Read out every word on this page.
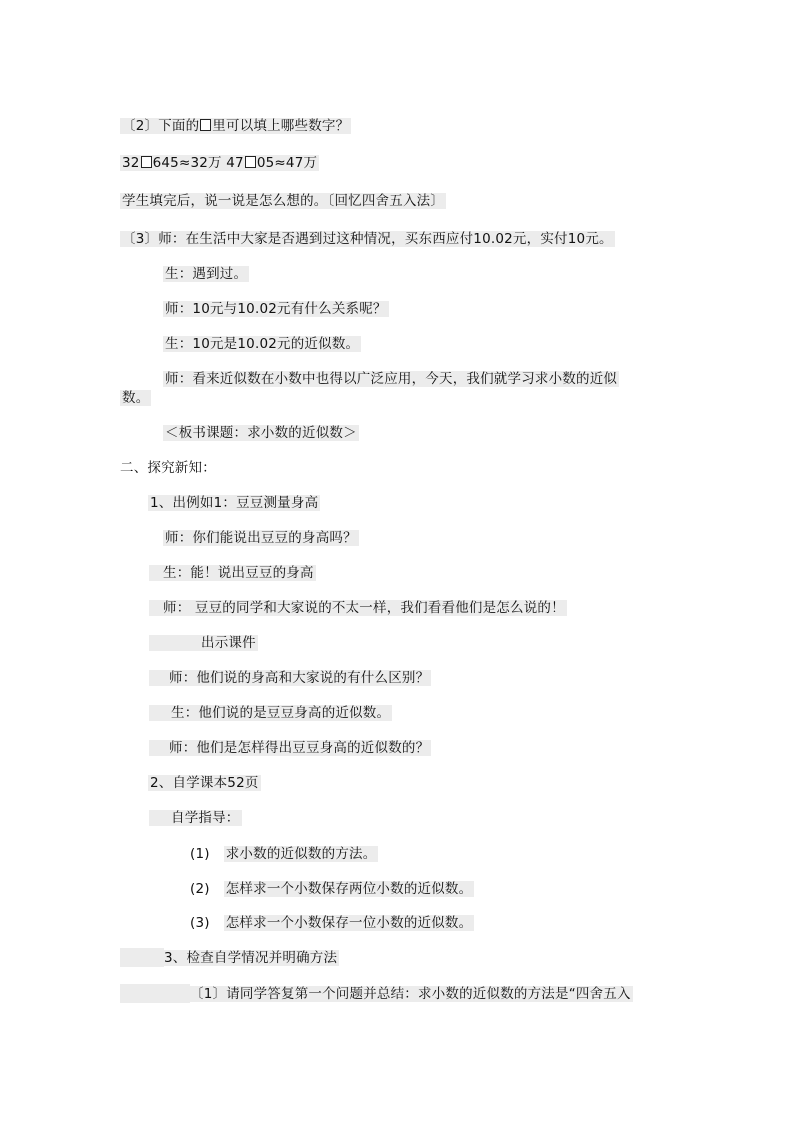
〔2〕下面的 里可以填上哪些数字？
32 645≈32万 47 05≈47万
学生填完后，说一说是怎么想的。〔回忆四舍五入法〕
〔3〕师：在生活中大家是否遇到过这种情况，买东西应付10.02元，实付10元。
生：遇到过。
师：10元与10.02元有什么关系呢？
生：10元是10.02元的近似数。
师：看来近似数在小数中也得以广泛应用，今天，我们就学习求小数的近似
数。
＜板书课题：求小数的近似数＞
二、探究新知：
1、出例如1：豆豆测量身高
师：你们能说出豆豆的身高吗？
生：能！说出豆豆的身高
师： 豆豆的同学和大家说的不太一样，我们看看他们是怎么说的！
出示课件
师：他们说的身高和大家说的有什么区别？
生：他们说的是豆豆身高的近似数。
师：他们是怎样得出豆豆身高的近似数的？
2、自学课本52页
自学指导：
(1) 求小数的近似数的方法。
(2) 怎样求一个小数保存两位小数的近似数。
(3) 怎样求一个小数保存一位小数的近似数。
3、检查自学情况并明确方法
〔1〕请同学答复第一个问题并总结：求小数的近似数的方法是“四舍五入
